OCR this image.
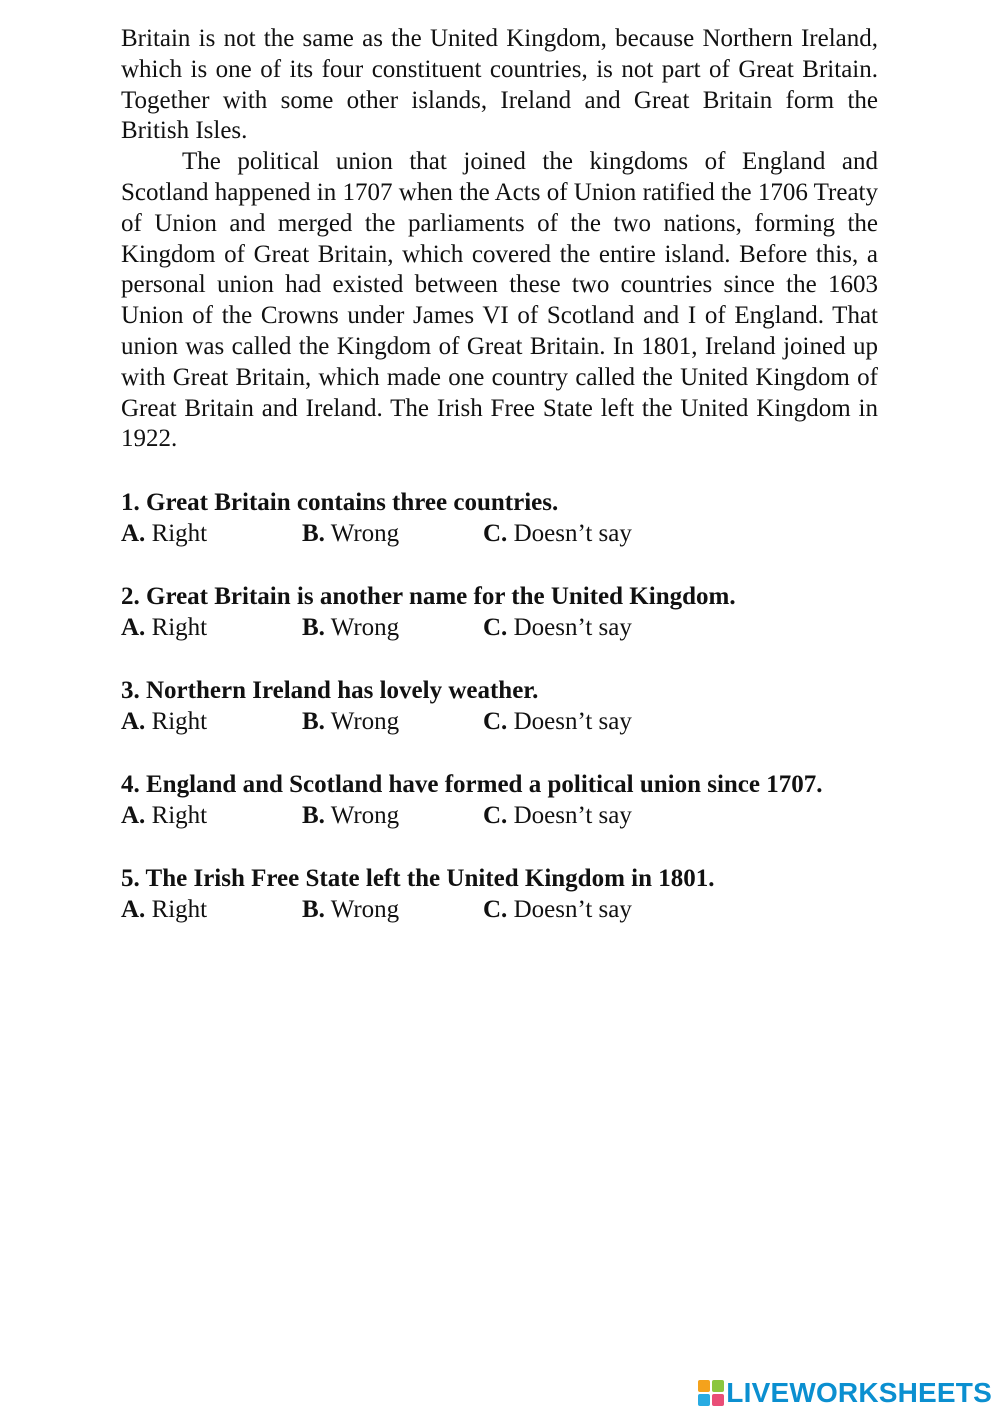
Britain is not the same as the United Kingdom, because Northern Ireland, which is one of its four constituent countries, is not part of Great Britain. Together with some other islands, Ireland and Great Britain form the British Isles.

The political union that joined the kingdoms of England and Scotland happened in 1707 when the Acts of Union ratified the 1706 Treaty of Union and merged the parliaments of the two nations, forming the Kingdom of Great Britain, which covered the entire island. Before this, a personal union had existed between these two countries since the 1603 Union of the Crowns under James VI of Scotland and I of England. That union was called the Kingdom of Great Britain. In 1801, Ireland joined up with Great Britain, which made one country called the United Kingdom of Great Britain and Ireland. The Irish Free State left the United Kingdom in 1922.

1. Great Britain contains three countries.

A. Right	B. Wrong	C. Doesn’t say

2. Great Britain is another name for the United Kingdom.

A. Right	B. Wrong	C. Doesn’t say

3. Northern Ireland has lovely weather.

A. Right	B. Wrong	C. Doesn’t say

4. England and Scotland have formed a political union since 1707.

A. Right	B. Wrong	C. Doesn’t say

5. The Irish Free State left the United Kingdom in 1801.

A. Right	B. Wrong	C. Doesn’t say
LIVEWORKSHEETS
